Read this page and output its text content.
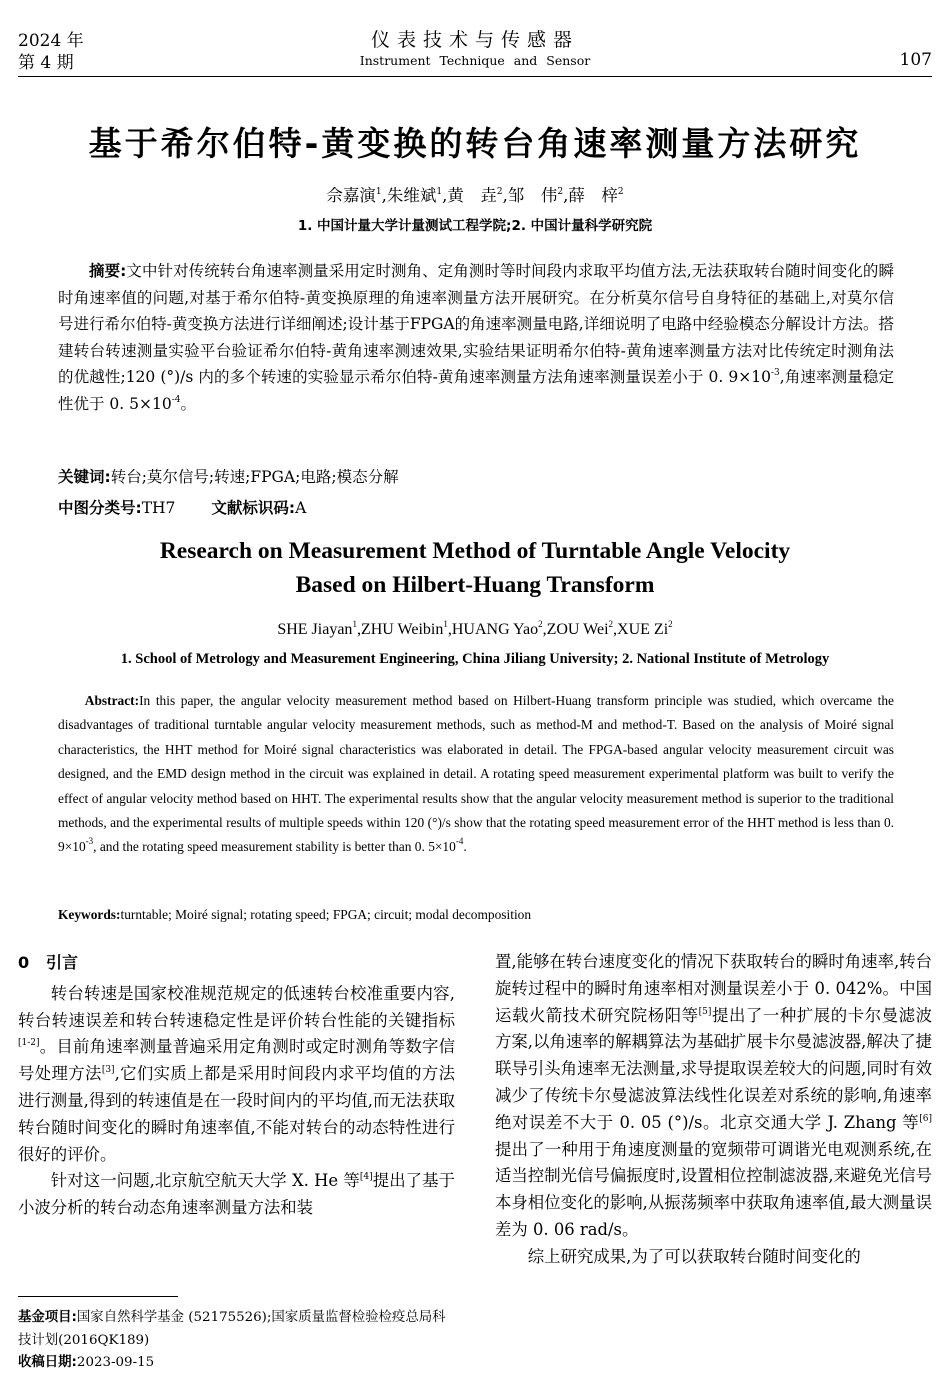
2024 年
第 4 期
仪表技术与传感器
Instrument Technique and Sensor	107
基于希尔伯特-黄变换的转台角速率测量方法研究
佘嘉演$^1$,朱维斌$^1$,黄　垚$^2$,邹　伟$^2$,薛　梓$^2$
1. 中国计量大学计量测试工程学院;2. 中国计量科学研究院
摘要:文中针对传统转台角速率测量采用定时测角、定角测时等时间段内求取平均值方法,无法获取转台随时间变化的瞬时角速率值的问题,对基于希尔伯特-黄变换原理的角速率测量方法开展研究。在分析莫尔信号自身特征的基础上,对莫尔信号进行希尔伯特-黄变换方法进行详细阐述;设计基于FPGA的角速率测量电路,详细说明了电路中经验模态分解设计方法。搭建转台转速测量实验平台验证希尔伯特-黄角速率测速效果,实验结果证明希尔伯特-黄角速率测量方法对比传统定时测角法的优越性;120 (°)/s 内的多个转速的实验显示希尔伯特-黄角速率测量方法角速率测量误差小于 0. $9\times 10^{-3}$,角速率测量稳定性优于 0. $5\times 10^{-4}$。
关键词:转台;莫尔信号;转速;FPGA;电路;模态分解
中图分类号:TH7 文献标识码:A
Research on Measurement Method of Turntable Angle Velocity
Based on Hilbert-Huang Transform
SHE Jiayan$^1$,ZHU Weibin$^1$,HUANG Yao$^2$,ZOU Wei$^2$,XUE Zi$^2$
1. School of Metrology and Measurement Engineering, China Jiliang University; 2. National Institute of Metrology
Abstract:In this paper, the angular velocity measurement method based on Hilbert-Huang transform principle was studied, which overcame the disadvantages of traditional turntable angular velocity measurement methods, such as method-M and method-T. Based on the analysis of Moiré signal characteristics, the HHT method for Moiré signal characteristics was elaborated in detail. The FPGA-based angular velocity measurement circuit was designed, and the EMD design method in the circuit was explained in detail. A rotating speed measurement experimental platform was built to verify the effect of angular velocity method based on HHT. The experimental results show that the angular velocity measurement method is superior to the traditional methods, and the experimental results of multiple speeds within 120 (°)/s show that the rotating speed measurement error of the HHT method is less than 0. $9\times 10^{-3}$, and the rotating speed measurement stability is better than 0. $5\times 10^{-4}$.
Keywords:turntable; Moiré signal; rotating speed; FPGA; circuit; modal decomposition
0 引言

转台转速是国家校准规范规定的低速转台校准重要内容,转台转速误差和转台转速稳定性是评价转台性能的关键指标[1-2]。目前角速率测量普遍采用定角测时或定时测角等数字信号处理方法[3],它们实质上都是采用时间段内求平均值的方法进行测量,得到的转速值是在一段时间内的平均值,而无法获取转台随时间变化的瞬时角速率值,不能对转台的动态特性进行很好的评价。

针对这一问题,北京航空航天大学 X. He 等[4]提出了基于小波分析的转台动态角速率测量方法和装

置,能够在转台速度变化的情况下获取转台的瞬时角速率,转台旋转过程中的瞬时角速率相对测量误差小于 0. 042%。中国运载火箭技术研究院杨阳等[5]提出了一种扩展的卡尔曼滤波方案,以角速率的解耦算法为基础扩展卡尔曼滤波器,解决了捷联导引头角速率无法测量,求导提取误差较大的问题,同时有效减少了传统卡尔曼滤波算法线性化误差对系统的影响,角速率绝对误差不大于 0. 05 (°)/s。北京交通大学 J. Zhang 等[6]提出了一种用于角速度测量的宽频带可调谐光电观测系统,在适当控制光信号偏振度时,设置相位控制滤波器,来避免光信号本身相位变化的影响,从振荡频率中获取角速率值,最大测量误差为 0. 06 rad/s。

综上研究成果,为了可以获取转台随时间变化的

基金项目:国家自然科学基金 (52175526);国家质量监督检验检疫总局科技计划(2016QK189)
收稿日期:2023-09-15
